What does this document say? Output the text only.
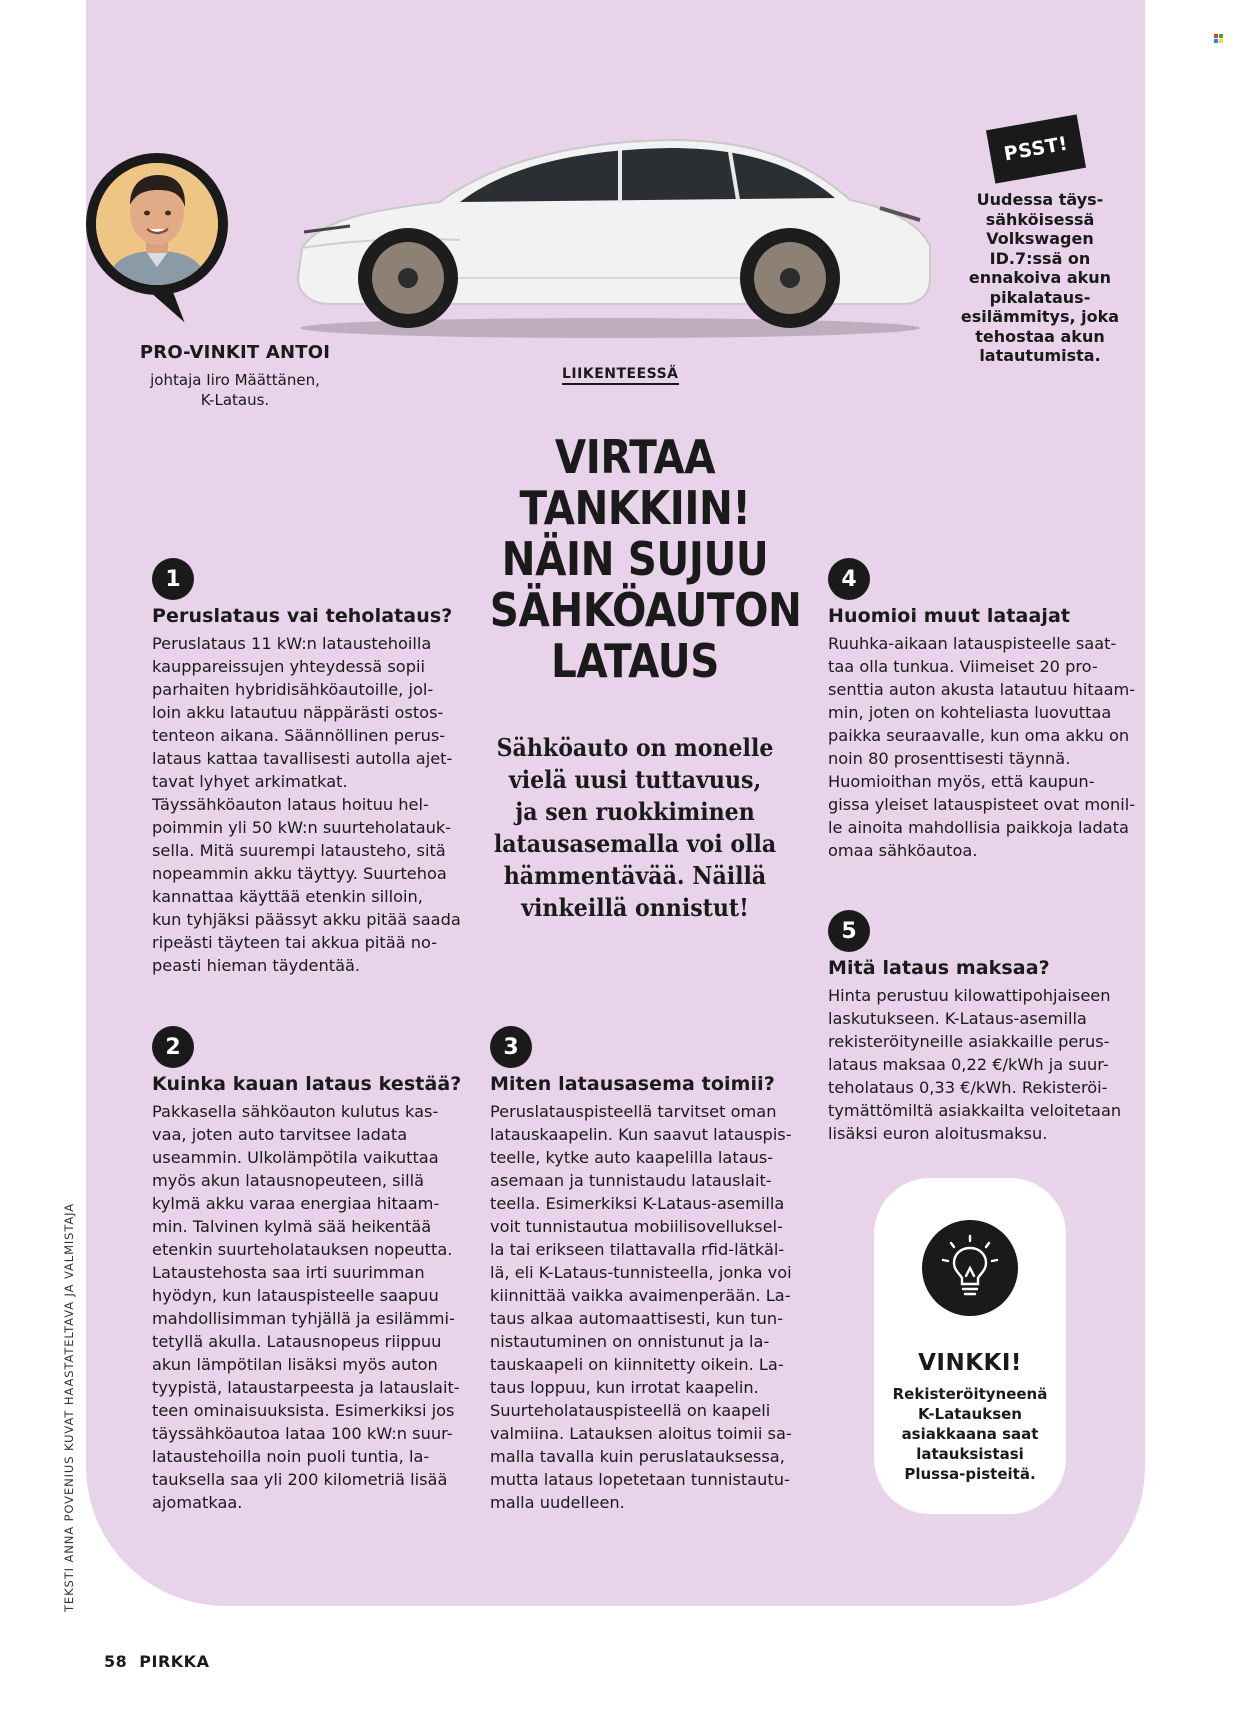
PRO-VINKIT ANTOI
johtaja Iiro Määttänen,
K-Lataus.
LIIKENTEESSÄ
PSST!
Uudessa täys-
sähköisessä
Volkswagen
ID.7:ssä on
ennakoiva akun
pikalataus-
esilämmitys, joka
tehostaa akun
latautumista.
VIRTAA
TANKKIIN!
NÄIN SUJUU
SÄHKÖAUTON
LATAUS
Sähköauto on monelle
vielä uusi tuttavuus,
ja sen ruokkiminen
latausasemalla voi olla
hämmentävää. Näillä
vinkeillä onnistut!
1
Peruslataus vai teholataus?
Peruslataus 11 kW:n lataustehoilla
kauppareissujen yhteydessä sopii
parhaiten hybridisähköautoille, jol-
loin akku latautuu näppärästi ostos-
tenteon aikana. Säännöllinen perus-
lataus kattaa tavallisesti autolla ajet-
tavat lyhyet arkimatkat.
Täyssähköauton lataus hoituu hel-
poimmin yli 50 kW:n suurteholatauk-
sella. Mitä suurempi lataustehо, sitä
nopeammin akku täyttyy. Suurtehoa
kannattaa käyttää etenkin silloin,
kun tyhjäksi päässyt akku pitää saada
ripeästi täyteen tai akkua pitää no-
peasti hieman täydentää.
2
Kuinka kauan lataus kestää?
Pakkasella sähköauton kulutus kas-
vaa, joten auto tarvitsee ladata
useammin. Ulkolämpötila vaikuttaa
myös akun latausnopeuteen, sillä
kylmä akku varaa energiaa hitaam-
min. Talvinen kylmä sää heikentää
etenkin suurteholatauksen nopeutta.
Lataustehosta saa irti suurimman
hyödyn, kun latauspisteelle saapuu
mahdollisimman tyhjällä ja esilämmi-
tetyllä akulla. Latausnopeus riippuu
akun lämpötilan lisäksi myös auton
tyypistä, lataustarpeesta ja latauslait-
teen ominaisuuksista. Esimerkiksi jos
täyssähköautoa lataa 100 kW:n suur-
lataustehoilla noin puoli tuntia, la-
tauksella saa yli 200 kilometriä lisää
ajomatkaa.
3
Miten latausasema toimii?
Peruslatauspisteellä tarvitset oman
latauskaapelin. Kun saavut lataus​pis-
teelle, kytke auto kaapelilla lataus-
asemaan ja tunnistaudu latauslait-
teella. Esimerkiksi K-Lataus-asemilla
voit tunnistautua mobiilisovelluksel-
la tai erikseen tilattavalla rfid-lätkäl-
lä, eli K-Lataus-tunnisteella, jonka voi
kiinnittää vaikka avaimenperään. La-
taus alkaa automaattisesti, kun tun-
nistautuminen on onnistunut ja la-
tauskaapeli on kiinnitetty oikein. La-
taus loppuu, kun irrotat kaapelin.
Suurteholatauspisteellä on kaapeli
valmiina. Latauksen aloitus toimii sa-
malla tavalla kuin peruslatauksessa,
mutta lataus lopetetaan tunnistautu-
malla uudelleen.
4
Huomioi muut lataajat
Ruuhka-aikaan latauspisteelle saat-
taa olla tunkua. Viimeiset 20 pro-
senttia auton akusta latautuu hitaam-
min, joten on kohteliasta luovuttaa
paikka seuraavalle, kun oma akku on
noin 80 prosenttisesti täynnä.
Huomioithan myös, että kaupun-
gissa yleiset latauspisteet ovat monil-
le ainoita mahdollisia paikkoja ladata
omaa sähköautoa.
5
Mitä lataus maksaa?
Hinta perustuu kilowattipohjaiseen
laskutukseen. K-Lataus-asemilla
rekisteröityneille asiakkaille perus-
lataus maksaa 0,22 €/kWh ja suur-
teholataus 0,33 €/kWh. Rekisteröi-
tymättömiltä asiakkailta veloitetaan
lisäksi euron aloitusmaksu.
VINKKI!
Rekisteröityneenä
K-Latauksen
asiakkaana saat
latauksistasi
Plussa-pisteitä.
TEKSTI ANNA POVENIUS KUVAT HAASTATELTAVA JA VALMISTAJA
58 PIRKKA
